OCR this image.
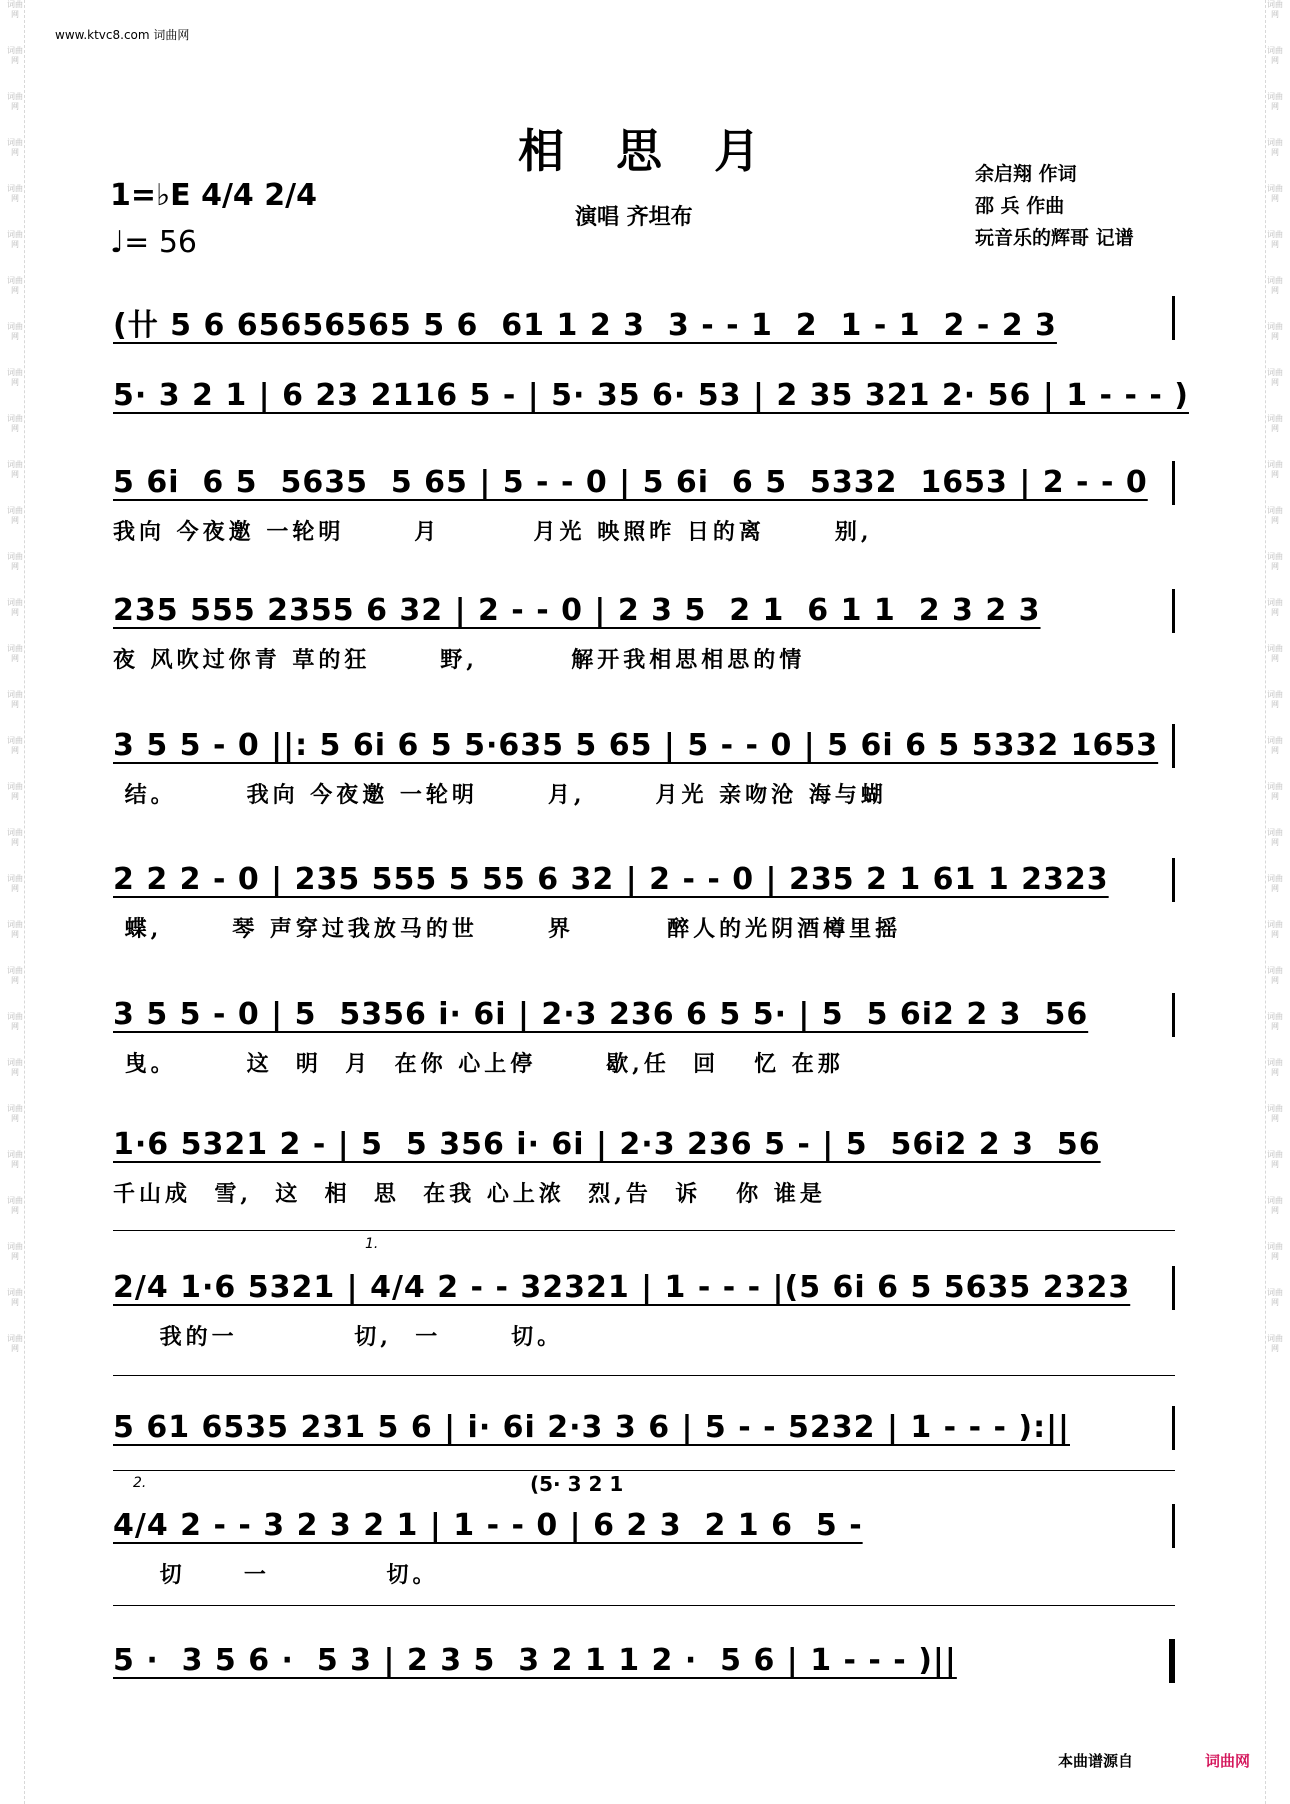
词曲网
词曲网
词曲网
词曲网
词曲网
词曲网
词曲网
词曲网
词曲网
词曲网
词曲网
词曲网
词曲网
词曲网
词曲网
词曲网
词曲网
词曲网
词曲网
词曲网
词曲网
词曲网
词曲网
词曲网
词曲网
词曲网
词曲网
词曲网
词曲网
词曲网
词曲网
词曲网
词曲网
词曲网
词曲网
词曲网
词曲网
词曲网
词曲网
词曲网
词曲网
词曲网
词曲网
词曲网
词曲网
词曲网
词曲网
词曲网
词曲网
词曲网
词曲网
词曲网
词曲网
词曲网
词曲网
词曲网
词曲网
词曲网
词曲网
词曲网
www.ktvc8.com 词曲网
相思月
1=♭E 4/4 2/4
♩= 56
演唱 齐坦布
余启翔 作词
邵 兵 作曲
玩音乐的辉哥 记谱
(卄 5 6 65656565 5 6  61 1 2 3  3 - - 1  2  1 - 1  2 - 2 3
5· 3 2 1 | 6 23 2116 5 - | 5· 35 6· 53 | 2 35 321 2· 56 | 1 - - - )
5 6i  6 5  5635  5 65 | 5 - - 0 | 5 6i  6 5  5332  1653 | 2 - - 0
我向 今夜邀 一轮明      月        月光 映照昨 日的离      别,
235 555 2355 6 32 | 2 - - 0 | 2 3 5  2 1  6 1 1  2 3 2 3
夜 风吹过你青 草的狂      野,        解开我相思相思的情
3 5 5 - 0 ||: 5 6i 6 5 5·635 5 65 | 5 - - 0 | 5 6i 6 5 5332 1653
结。      我向 今夜邀 一轮明      月,      月光 亲吻沧 海与蝴
2 2 2 - 0 | 235 555 5 55 6 32 | 2 - - 0 | 235 2 1 61 1 2323
蝶,      琴 声穿过我放马的世      界        醉人的光阴酒樽里摇
3 5 5 - 0 | 5  5356 i· 6i | 2·3 236 6 5 5· | 5  5 6i2 2 3  56
曳。      这  明  月  在你 心上停      歇,任  回   忆 在那
1·6 5321 2 - | 5  5 356 i· 6i | 2·3 236 5 - | 5  56i2 2 3  56
千山成  雪,  这  相  思  在我 心上浓  烈,告  诉   你 谁是
1.
2/4 1·6 5321 | 4/4 2 - - 32321 | 1 - - - |(5 6i 6 5 5635 2323
我的一          切,  一      切。
5 61 6535 231 5 6 | i· 6i 2·3 3 6 | 5 - - 5232 | 1 - - - ):||
2.	(5· 3 2 1
4/4 2 - - 3 2 3 2 1 | 1 - - 0 | 6 2 3  2 1 6  5 -
切     一          切。
5 ·  3 5 6 ·  5 3 | 2 3 5  3 2 1 1 2 ·  5 6 | 1 - - - )||
本曲谱源自	词曲网
